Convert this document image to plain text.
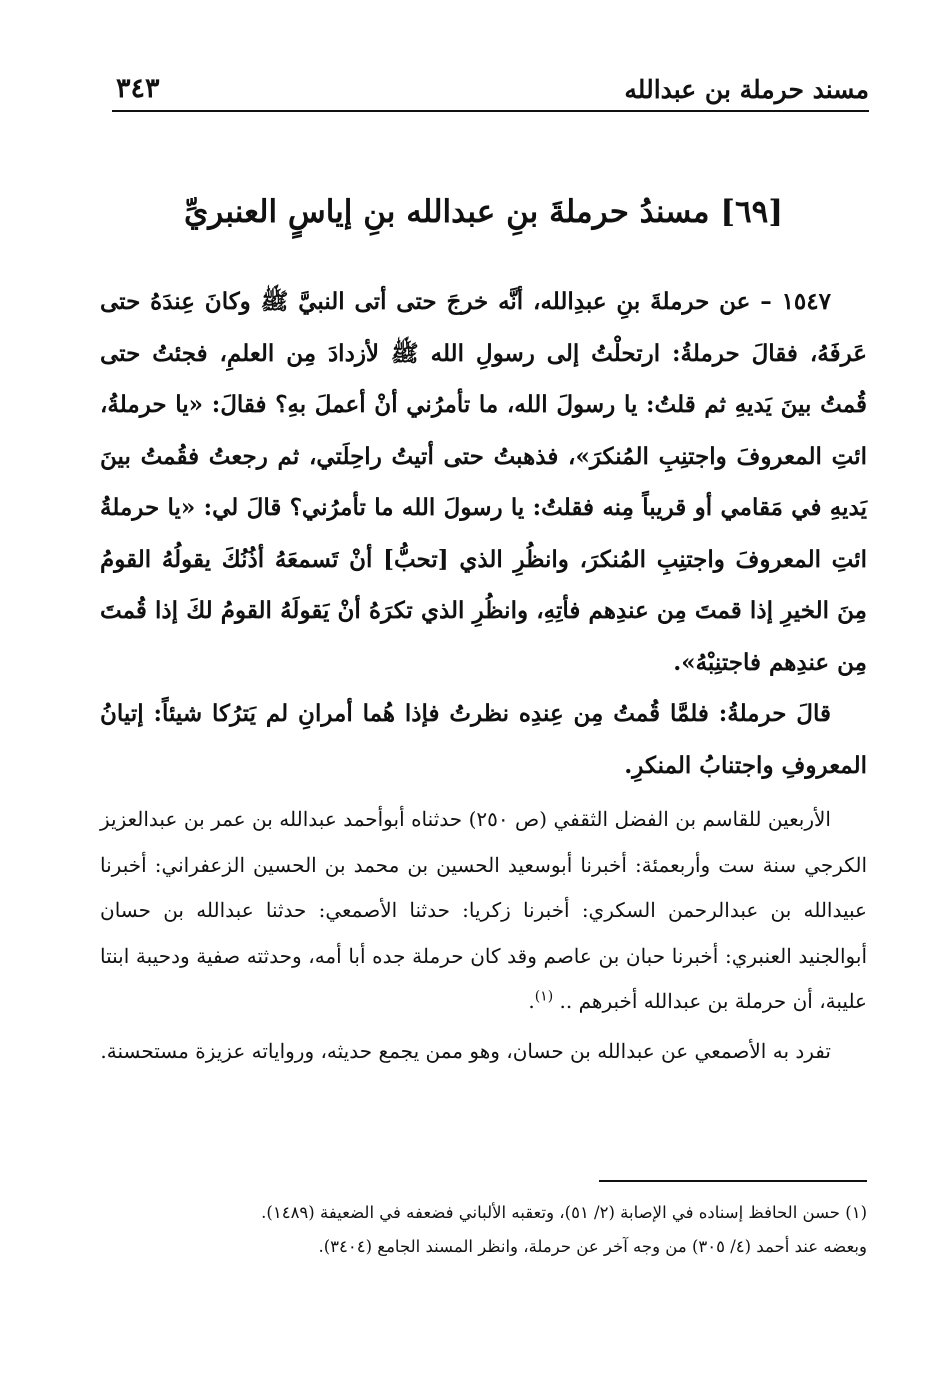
مسند حرملة بن عبدالله
٣٤٣
[٦٩] مسندُ حرملةَ بنِ عبدالله بنِ إياسٍ العنبريِّ

١٥٤٧ – عن حرملةَ بنِ عبدِالله، أنَّه خرجَ حتى أتى النبيَّ ﷺ وكانَ عِندَهُ حتى عَرفَهُ، فقالَ حرملةُ: ارتحلْتُ إلى رسولِ الله ﷺ لأزدادَ مِن العلمِ، فجئتُ حتى قُمتُ بينَ يَديهِ ثم قلتُ: يا رسولَ الله، ما تأمرُني أنْ أعملَ بهِ؟ فقالَ: «يا حرملةُ، ائتِ المعروفَ واجتنِبِ المُنكرَ»، فذهبتُ حتى أتيتُ راحِلَتي، ثم رجعتُ فقُمتُ بينَ يَديهِ في مَقامي أو قريباً مِنه فقلتُ: يا رسولَ الله ما تأمرُني؟ قالَ لي: «يا حرملةُ ائتِ المعروفَ واجتنِبِ المُنكرَ، وانظُرِ الذي [تحبُّ] أنْ تَسمعَهُ أذُنُكَ يقولُهُ القومُ مِنَ الخيرِ إذا قمتَ مِن عندِهم فأتِهِ، وانظُرِ الذي تكرَهُ أنْ يَقولَهُ القومُ لكَ إذا قُمتَ مِن عندِهم فاجتنِبْهُ».

قالَ حرملةُ: فلمَّا قُمتُ مِن عِندِه نظرتُ فإذا هُما أمرانِ لم يَترُكا شيئاً: إتيانُ المعروفِ واجتنابُ المنكرِ.

الأربعين للقاسم بن الفضل الثقفي (ص ٢٥٠) حدثناه أبوأحمد عبدالله بن عمر بن عبدالعزيز الكرجي سنة ست وأربعمئة: أخبرنا أبوسعيد الحسين بن محمد بن الحسين الزعفراني: أخبرنا عبيدالله بن عبدالرحمن السكري: أخبرنا زكريا: حدثنا الأصمعي: حدثنا عبدالله بن حسان أبوالجنيد العنبري: أخبرنا حبان بن عاصم وقد كان حرملة جده أبا أمه، وحدثته صفية ودحيبة ابنتا عليبة، أن حرملة بن عبدالله أخبرهم .. $^{(١)}$.

تفرد به الأصمعي عن عبدالله بن حسان، وهو ممن يجمع حديثه، ورواياته عزيزة مستحسنة.

(١) حسن الحافظ إسناده في الإصابة (٢/ ٥١)، وتعقبه الألباني فضعفه في الضعيفة (١٤٨٩).

وبعضه عند أحمد (٤/ ٣٠٥) من وجه آخر عن حرملة، وانظر المسند الجامع (٣٤٠٤).
